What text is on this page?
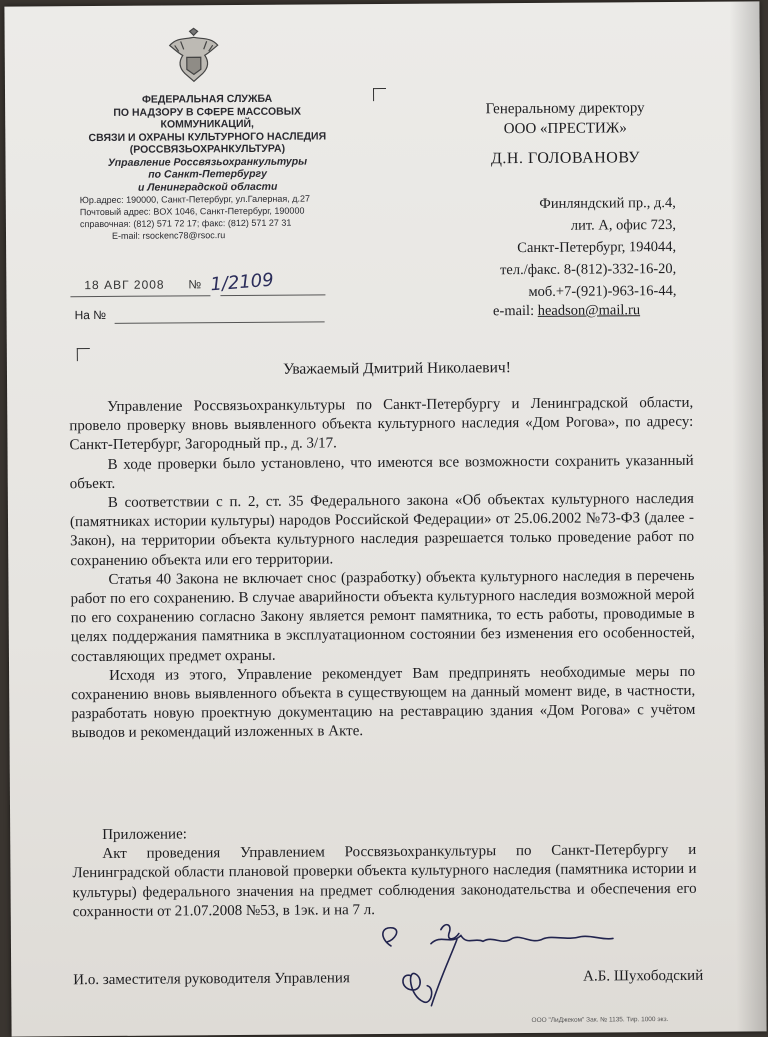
ФЕДЕРАЛЬНАЯ СЛУЖБА
ПО НАДЗОРУ В СФЕРЕ МАССОВЫХ
КОММУНИКАЦИЙ,
СВЯЗИ И ОХРАНЫ КУЛЬТУРНОГО НАСЛЕДИЯ
(РОССВЯЗЬОХРАНКУЛЬТУРА)
Управление Россвязьохранкультуры
по Санкт-Петербургу
и Ленинградской области
Юр.адрес: 190000, Санкт-Петербург, ул.Галерная, д.27
Почтовый адрес: BOX 1046, Санкт-Петербург, 190000
справочная: (812) 571 72 17; факс: (812) 571 27 31
E-mail: rsockenc78@rsoc.ru
18 АВГ 2008 № 1/2109
На №
Генеральному директору
ООО «ПРЕСТИЖ»
Д.Н. ГОЛОВАНОВУ
Финляндский пр., д.4,
лит. А, офис 723,
Санкт-Петербург, 194044,
тел./факс. 8-(812)-332-16-20,
моб.+7-(921)-963-16-44,
e-mail: headson@mail.ru
Уважаемый Дмитрий Николаевич!

Управление Россвязьохранкультуры по Санкт-Петербургу и Ленинградской области, провело проверку вновь выявленного объекта культурного наследия «Дом Рогова», по адресу: Санкт-Петербург, Загородный пр., д. 3/17.

В ходе проверки было установлено, что имеются все возможности сохранить указанный объект.

В соответствии с п. 2, ст. 35 Федерального закона «Об объектах культурного наследия (памятниках истории культуры) народов Российской Федерации» от 25.06.2002 №73-ФЗ (далее - Закон), на территории объекта культурного наследия разрешается только проведение работ по сохранению объекта или его территории.

Статья 40 Закона не включает снос (разработку) объекта культурного наследия в перечень работ по его сохранению. В случае аварийности объекта культурного наследия возможной мерой по его сохранению согласно Закону является ремонт памятника, то есть работы, проводимые в целях поддержания памятника в эксплуатационном состоянии без изменения его особенностей, составляющих предмет охраны.

Исходя из этого, Управление рекомендует Вам предпринять необходимые меры по сохранению вновь выявленного объекта в существующем на данный момент виде, в частности, разработать новую проектную документацию на реставрацию здания «Дом Рогова» с учётом выводов и рекомендаций изложенных в Акте.

Приложение:

Акт проведения Управлением Россвязьохранкультуры по Санкт-Петербургу и Ленинградской области плановой проверки объекта культурного наследия (памятника истории и культуры) федерального значения на предмет соблюдения законодательства и обеспечения его сохранности от 21.07.2008 №53, в 1эк. и на 7 л.

И.о. заместителя руководителя Управления	А.Б. Шухободский
ООО "ЛиДжеком" Зак. № 1135. Тир. 1000 экз.
